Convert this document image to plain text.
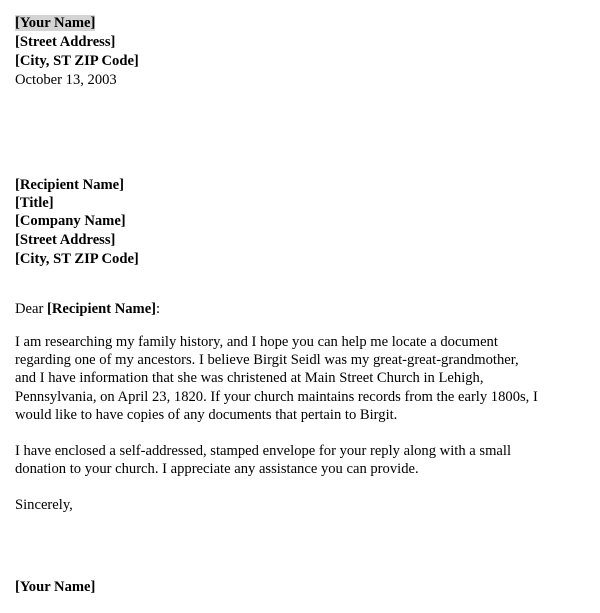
[Your Name]
[Street Address]
[City, ST ZIP Code]
October 13, 2003
[Recipient Name]
[Title]
[Company Name]
[Street Address]
[City, ST ZIP Code]
Dear [Recipient Name]:
I am researching my family history, and I hope you can help me locate a document
regarding one of my ancestors. I believe Birgit Seidl was my great-great-grandmother,
and I have information that she was christened at Main Street Church in Lehigh,
Pennsylvania, on April 23, 1820. If your church maintains records from the early 1800s, I
would like to have copies of any documents that pertain to Birgit.
I have enclosed a self-addressed, stamped envelope for your reply along with a small
donation to your church. I appreciate any assistance you can provide.
Sincerely,
[Your Name]
